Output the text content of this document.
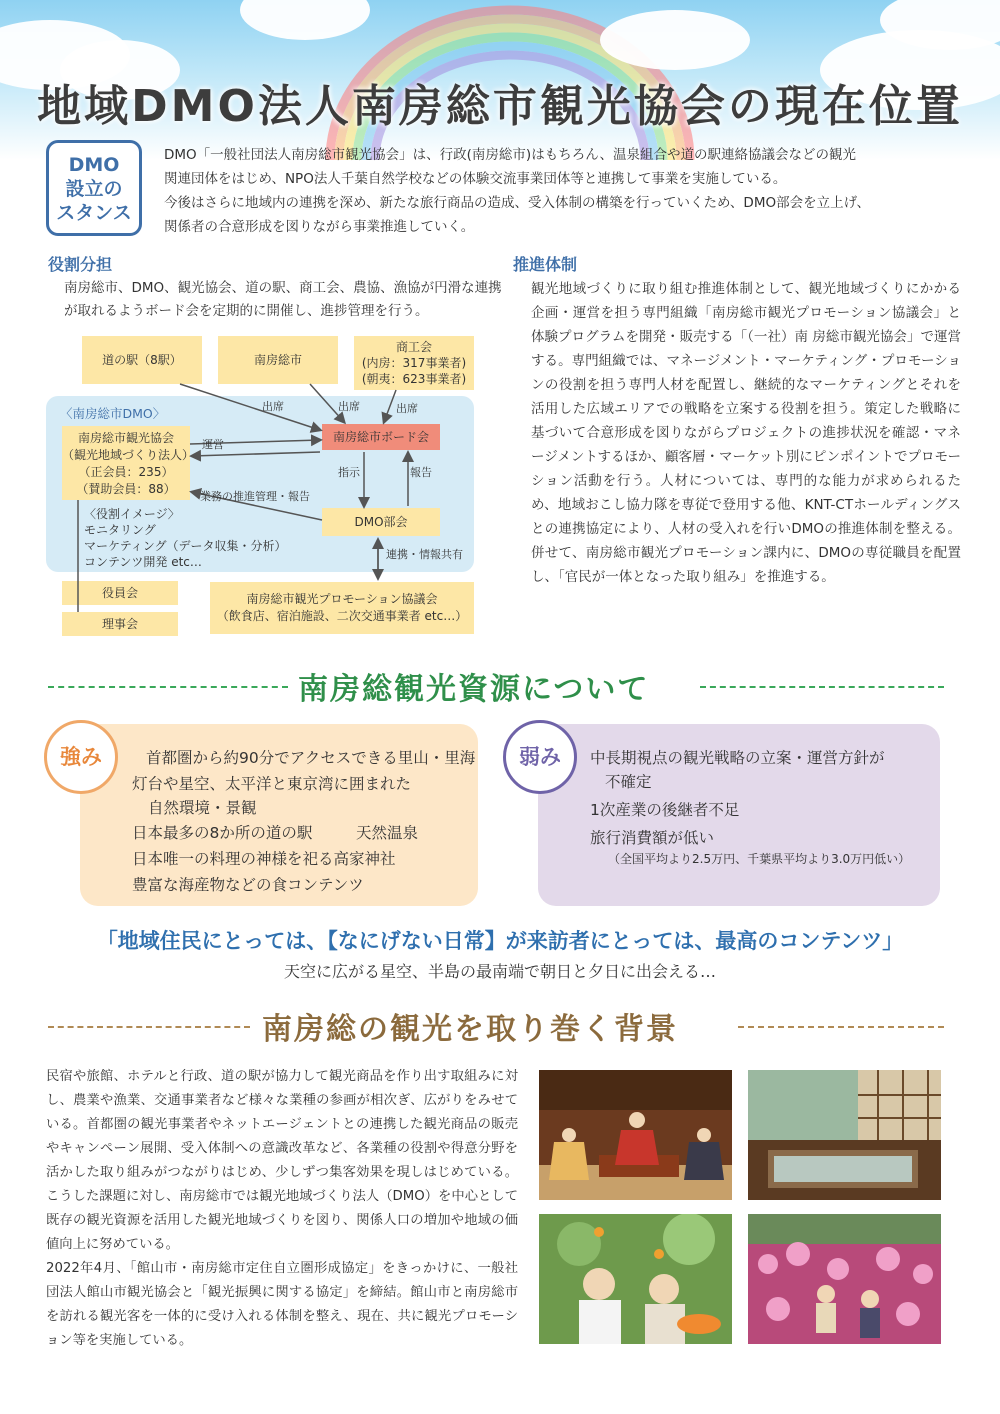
地域DMO法人南房総市観光協会の現在位置
DMO
設立の
スタンス

DMO「一般社団法人南房総市観光協会」は、行政(南房総市)はもちろん、温泉組合や道の駅連絡協議会などの観光

関連団体をはじめ、NPO法人千葉自然学校などの体験交流事業団体等と連携して事業を実施している。

今後はさらに地域内の連携を深め、新たな旅行商品の造成、受入体制の構築を行っていくため、DMO部会を立上げ、

関係者の合意形成を図りながら事業推進していく。

役割分担
南房総市、DMO、観光協会、道の駅、商工会、農協、漁協が円滑な連携が取れるようボード会を定期的に開催し、進捗管理を行う。
道の駅（8駅）	南房総市
商工会
(内房：317事業者)
(朝夷：623事業者)
〈南房総市DMO〉
南房総市観光協会
（観光地域づくり法人）
（正会員：235）
（賛助会員：88）
南房総市ボード会
DMO部会
〈役割イメージ〉
モニタリング
マーケティング（データ収集・分析）
コンテンツ開発 etc…
役員会
理事会
南房総市観光プロモーション協議会
（飲食店、宿泊施設、二次交通事業者 etc…）
出席	出席	出席
運営
指示	報告
業務の推進管理・報告
連携・情報共有
推進体制
観光地域づくりに取り組む推進体制として、観光地域づくりにかかる企画・運営を担う専門組織「南房総市観光プロモーション協議会」と体験プログラムを開発・販売する「（一社）南 房総市観光協会」で運営する。専門組織では、マネージメント・マーケティング・プロモーションの役割を担う専門人材を配置し、継続的なマーケティングとそれを活用した広域エリアでの戦略を立案する役割を担う。策定した戦略に基づいて合意形成を図りながらプロジェクトの進捗状況を確認・マネージメントするほか、顧客層・マーケット別にピンポイントでプロモーション活動を行う。人材については、専門的な能力が求められるため、地域おこし協力隊を専従で登用する他、KNT-CTホールディングスとの連携協定により、人材の受入れを行いDMOの推進体制を整える。併せて、南房総市観光プロモーション課内に、DMOの専従職員を配置し、「官民が一体となった取り組み」を推進する。
南房総観光資源について
強み	首都圏から約90分でアクセスできる里山・里海
灯台や星空、太平洋と東京湾に囲まれた
自然環境・景観
日本最多の8か所の道の駅	天然温泉
日本唯一の料理の神様を祀る高家神社
豊富な海産物などの食コンテンツ
弱み	中長期視点の観光戦略の立案・運営方針が
不確定
1次産業の後継者不足
旅行消費額が低い
（全国平均より2.5万円、千葉県平均より3.0万円低い）
「地域住民にとっては、【なにげない日常】が来訪者にとっては、最高のコンテンツ」
天空に広がる星空、半島の最南端で朝日と夕日に出会える…
南房総の観光を取り巻く背景

民宿や旅館、ホテルと行政、道の駅が協力して観光商品を作り出す取組みに対し、農業や漁業、交通事業者など様々な業種の参画が相次ぎ、広がりをみせている。首都圏の観光事業者やネットエージェントとの連携した観光商品の販売やキャンペーン展開、受入体制への意識改革など、各業種の役割や得意分野を活かした取り組みがつながりはじめ、少しずつ集客効果を現しはじめている。こうした課題に対し、南房総市では観光地域づくり法人（DMO）を中心として既存の観光資源を活用した観光地域づくりを図り、関係人口の増加や地域の価値向上に努めている。

2022年4月、「館山市・南房総市定住自立圏形成協定」をきっかけに、一般社団法人館山市観光協会と「観光振興に関する協定」を締結。館山市と南房総市を訪れる観光客を一体的に受け入れる体制を整え、現在、共に観光プロモーション等を実施している。
